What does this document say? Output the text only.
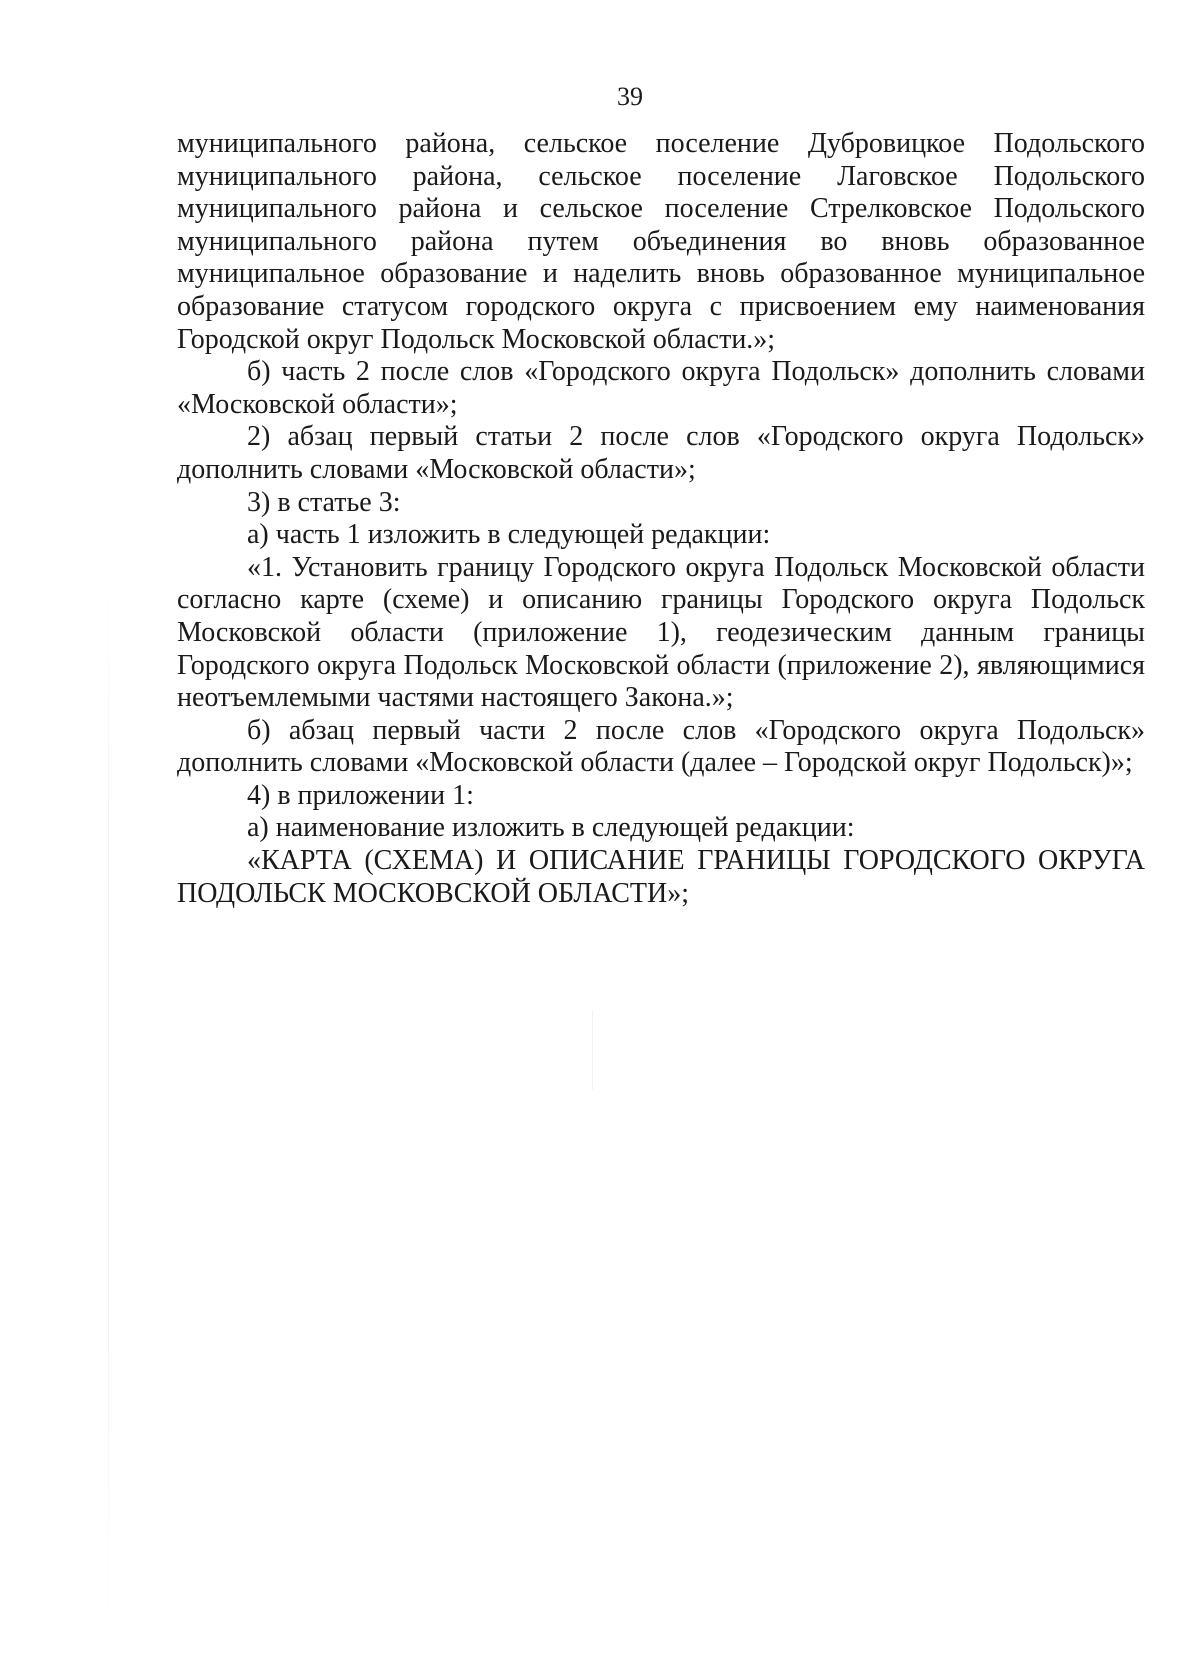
39

муниципального района, сельское поселение Дубровицкое Подольского муниципального района, сельское поселение Лаговское Подольского муниципального района и сельское поселение Стрелковское Подольского муниципального района путем объединения во вновь образованное муниципальное образование и наделить вновь образованное муниципальное образование статусом городского округа с присвоением ему наименования Городской округ Подольск Московской области.»;

б) часть 2 после слов «Городского округа Подольск» дополнить словами «Московской области»;

2) абзац первый статьи 2 после слов «Городского округа Подольск» дополнить словами «Московской области»;

3) в статье 3:

а) часть 1 изложить в следующей редакции:

«1. Установить границу Городского округа Подольск Московской области согласно карте (схеме) и описанию границы Городского округа Подольск Московской области (приложение 1), геодезическим данным границы Городского округа Подольск Московской области (приложение 2), являющимися неотъемлемыми частями настоящего Закона.»;

б) абзац первый части 2 после слов «Городского округа Подольск» дополнить словами «Московской области (далее – Городской округ Подольск)»;

4) в приложении 1:

а) наименование изложить в следующей редакции:

«КАРТА (СХЕМА) И ОПИСАНИЕ ГРАНИЦЫ ГОРОДСКОГО ОКРУГА ПОДОЛЬСК МОСКОВСКОЙ ОБЛАСТИ»;
